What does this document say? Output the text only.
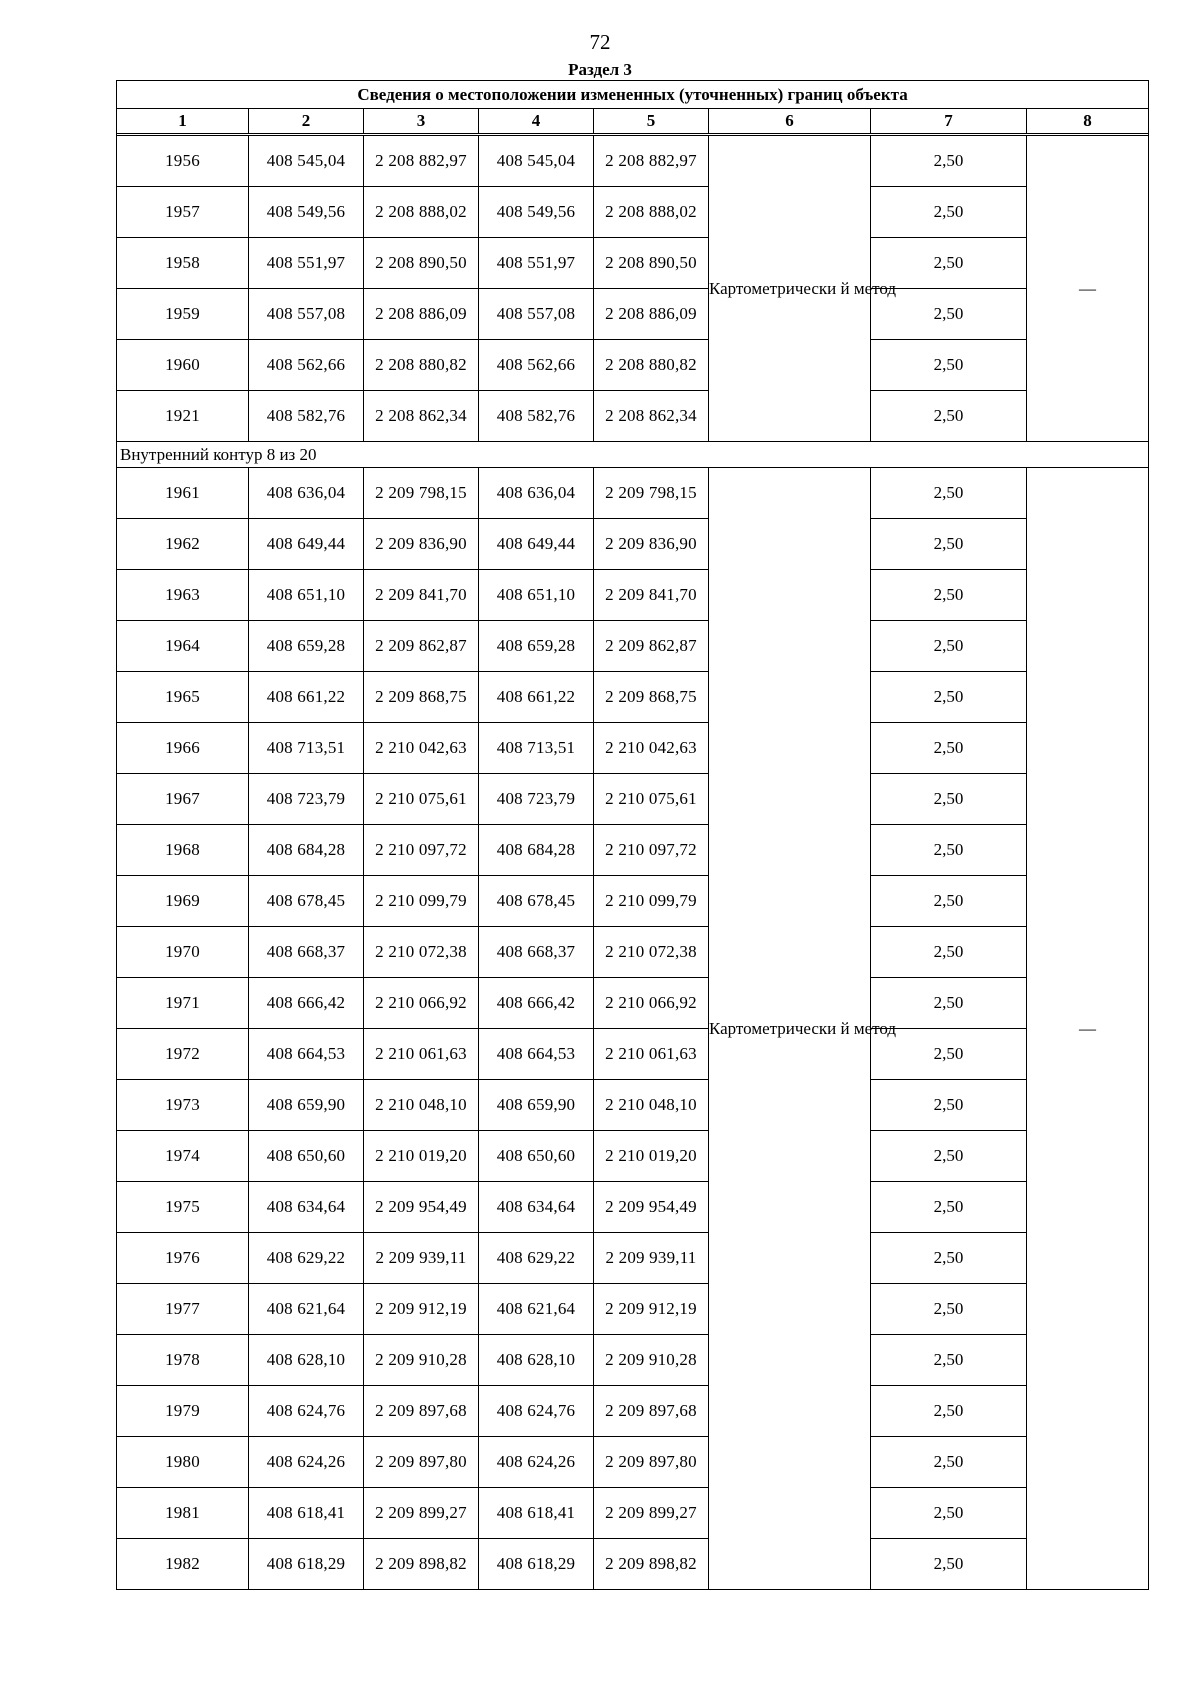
72
Раздел 3
Сведения о местоположении измененных (уточненных) границ объекта							
1	2	3	4	5	6	7	8

1956	408 545,04	2 208 882,97	408 545,04	2 208 882,97	Картометрически й метод	2,50	—
1957	408 549,56	2 208 888,02	408 549,56	2 208 888,02		2,50	
1958	408 551,97	2 208 890,50	408 551,97	2 208 890,50		2,50	
1959	408 557,08	2 208 886,09	408 557,08	2 208 886,09		2,50	
1960	408 562,66	2 208 880,82	408 562,66	2 208 880,82		2,50	
1921	408 582,76	2 208 862,34	408 582,76	2 208 862,34		2,50	
Внутренний контур 8 из 20							
1961	408 636,04	2 209 798,15	408 636,04	2 209 798,15	Картометрически й метод	2,50	—
1962	408 649,44	2 209 836,90	408 649,44	2 209 836,90		2,50	
1963	408 651,10	2 209 841,70	408 651,10	2 209 841,70		2,50	
1964	408 659,28	2 209 862,87	408 659,28	2 209 862,87		2,50	
1965	408 661,22	2 209 868,75	408 661,22	2 209 868,75		2,50	
1966	408 713,51	2 210 042,63	408 713,51	2 210 042,63		2,50	
1967	408 723,79	2 210 075,61	408 723,79	2 210 075,61		2,50	
1968	408 684,28	2 210 097,72	408 684,28	2 210 097,72		2,50	
1969	408 678,45	2 210 099,79	408 678,45	2 210 099,79		2,50	
1970	408 668,37	2 210 072,38	408 668,37	2 210 072,38		2,50	
1971	408 666,42	2 210 066,92	408 666,42	2 210 066,92		2,50	
1972	408 664,53	2 210 061,63	408 664,53	2 210 061,63		2,50	
1973	408 659,90	2 210 048,10	408 659,90	2 210 048,10		2,50	
1974	408 650,60	2 210 019,20	408 650,60	2 210 019,20		2,50	
1975	408 634,64	2 209 954,49	408 634,64	2 209 954,49		2,50	
1976	408 629,22	2 209 939,11	408 629,22	2 209 939,11		2,50	
1977	408 621,64	2 209 912,19	408 621,64	2 209 912,19		2,50	
1978	408 628,10	2 209 910,28	408 628,10	2 209 910,28		2,50	
1979	408 624,76	2 209 897,68	408 624,76	2 209 897,68		2,50	
1980	408 624,26	2 209 897,80	408 624,26	2 209 897,80		2,50	
1981	408 618,41	2 209 899,27	408 618,41	2 209 899,27		2,50	
1982	408 618,29	2 209 898,82	408 618,29	2 209 898,82		2,50	
